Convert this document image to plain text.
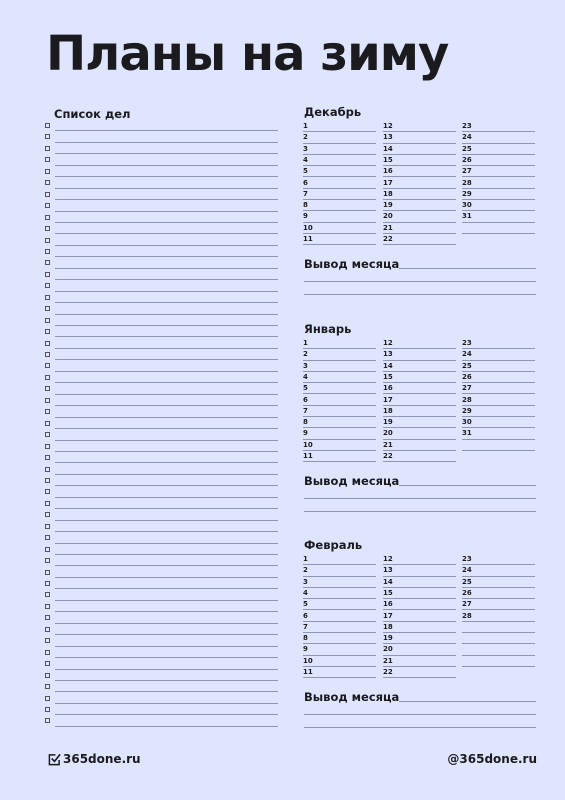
Планы на зиму
Список дел	Декабрь
1
2
3
4
5
6
7
8
9
10
11
12
13
14
15
16
17
18
19
20
21
22
23
24
25
26
27
28
29
30
31
Вывод месяца
Январь
1
2
3
4
5
6
7
8
9
10
11
12
13
14
15
16
17
18
19
20
21
22
23
24
25
26
27
28
29
30
31
Вывод месяца
Февраль
1
2
3
4
5
6
7
8
9
10
11
12
13
14
15
16
17
18
19
20
21
22
23
24
25
26
27
28
Вывод месяца
365done.ru	@365done.ru
